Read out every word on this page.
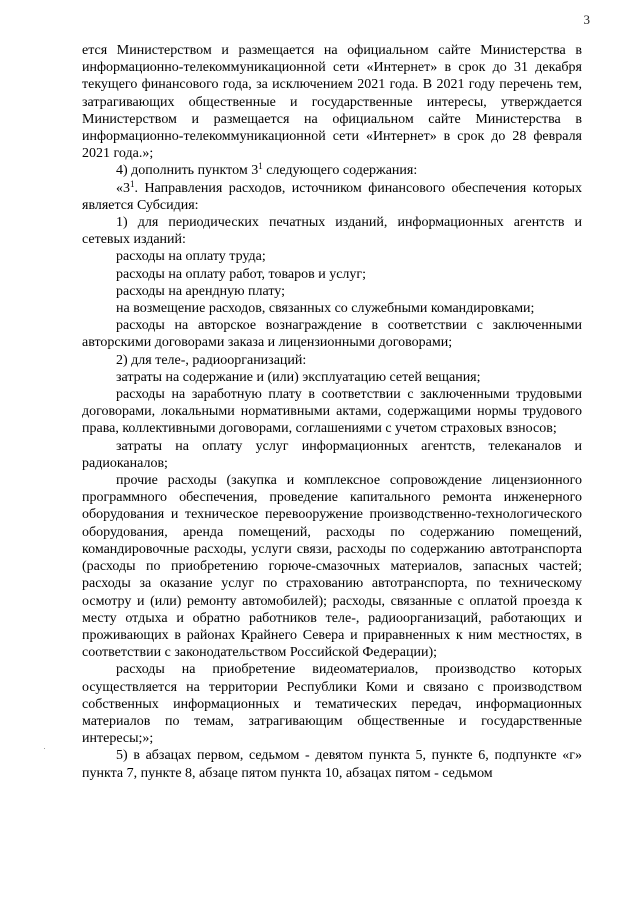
3

ется Министерством и размещается на официальном сайте Министерства в информационно-телекоммуникационной сети «Интернет» в срок до 31 декабря текущего финансового года, за исключением 2021 года. В 2021 году перечень тем, затрагивающих общественные и государственные интересы, утверждается Министерством и размещается на официальном сайте Министерства в информационно-телекоммуникационной сети «Интернет» в срок до 28 февраля 2021 года.»;

4) дополнить пунктом $3^1$ следующего содержания:

«$3^1$. Направления расходов, источником финансового обеспечения которых является Субсидия:

1) для периодических печатных изданий, информационных агентств и сетевых изданий:

расходы на оплату труда;

расходы на оплату работ, товаров и услуг;

расходы на арендную плату;

на возмещение расходов, связанных со служебными командировками;

расходы на авторское вознаграждение в соответствии с заключенными авторскими договорами заказа и лицензионными договорами;

2) для теле-, радиоорганизаций:

затраты на содержание и (или) эксплуатацию сетей вещания;

расходы на заработную плату в соответствии с заключенными трудовыми договорами, локальными нормативными актами, содержащими нормы трудового права, коллективными договорами, соглашениями с учетом страховых взносов;

затраты на оплату услуг информационных агентств, телеканалов и радиоканалов;

прочие расходы (закупка и комплексное сопровождение лицензионного программного обеспечения, проведение капитального ремонта инженерного оборудования и техническое перевооружение производственно-технологического оборудования, аренда помещений, расходы по содержанию помещений, командировочные расходы, услуги связи, расходы по содержанию автотранспорта (расходы по приобретению горюче-смазочных материалов, запасных частей; расходы за оказание услуг по страхованию автотранспорта, по техническому осмотру и (или) ремонту автомобилей); расходы, связанные с оплатой проезда к месту отдыха и обратно работников теле-, радиоорганизаций, работающих и проживающих в районах Крайнего Севера и приравненных к ним местностях, в соответствии с законодательством Российской Федерации);

расходы на приобретение видеоматериалов, производство которых осуществляется на территории Республики Коми и связано с производством собственных информационных и тематических передач, информационных материалов по темам, затрагивающим общественные и государственные интересы;»;

5) в абзацах первом, седьмом - девятом пункта 5, пункте 6, подпункте «г» пункта 7, пункте 8, абзаце пятом пункта 10, абзацах пятом - седьмом
